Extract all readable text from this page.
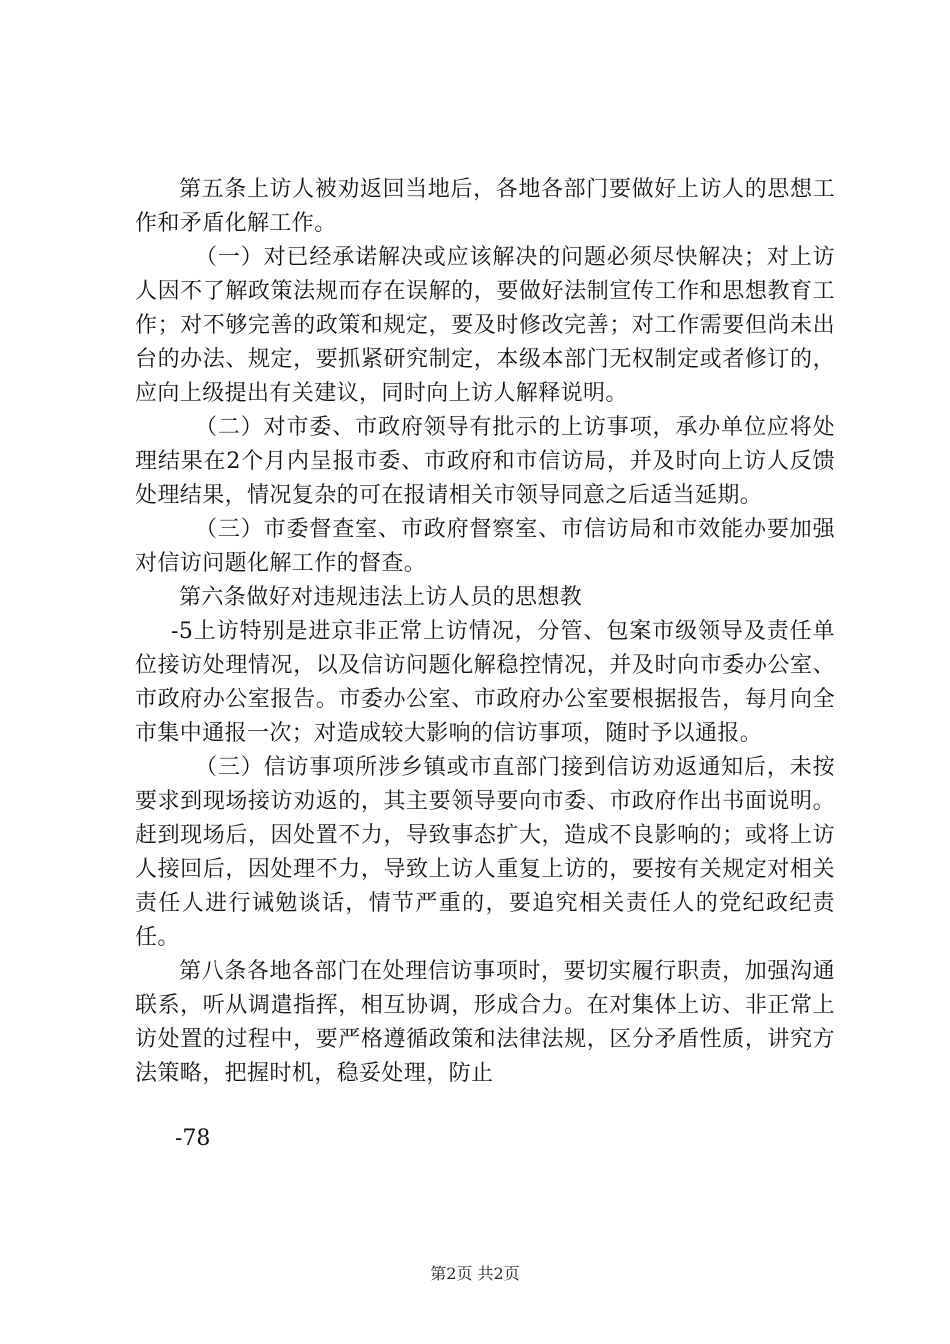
第五条上访人被劝返回当地后，各地各部门要做好上访人的思想工作和矛盾化解工作。

（一）对已经承诺解决或应该解决的问题必须尽快解决；对上访人因不了解政策法规而存在误解的，要做好法制宣传工作和思想教育工作；对不够完善的政策和规定，要及时修改完善；对工作需要但尚未出台的办法、规定，要抓紧研究制定，本级本部门无权制定或者修订的，应向上级提出有关建议，同时向上访人解释说明。

（二）对市委、市政府领导有批示的上访事项，承办单位应将处理结果在2个月内呈报市委、市政府和市信访局，并及时向上访人反馈处理结果，情况复杂的可在报请相关市领导同意之后适当延期。

（三）市委督查室、市政府督察室、市信访局和市效能办要加强对信访问题化解工作的督查。

第六条做好对违规违法上访人员的思想教

-5上访特别是进京非正常上访情况，分管、包案市级领导及责任单位接访处理情况，以及信访问题化解稳控情况，并及时向市委办公室、市政府办公室报告。市委办公室、市政府办公室要根据报告，每月向全市集中通报一次；对造成较大影响的信访事项，随时予以通报。

（三）信访事项所涉乡镇或市直部门接到信访劝返通知后，未按要求到现场接访劝返的，其主要领导要向市委、市政府作出书面说明。赶到现场后，因处置不力，导致事态扩大，造成不良影响的；或将上访人接回后，因处理不力，导致上访人重复上访的，要按有关规定对相关责任人进行诫勉谈话，情节严重的，要追究相关责任人的党纪政纪责任。

第八条各地各部门在处理信访事项时，要切实履行职责，加强沟通联系，听从调遣指挥，相互协调，形成合力。在对集体上访、非正常上访处置的过程中，要严格遵循政策和法律法规，区分矛盾性质，讲究方法策略，把握时机，稳妥处理，防止

-78
第2页 共2页
